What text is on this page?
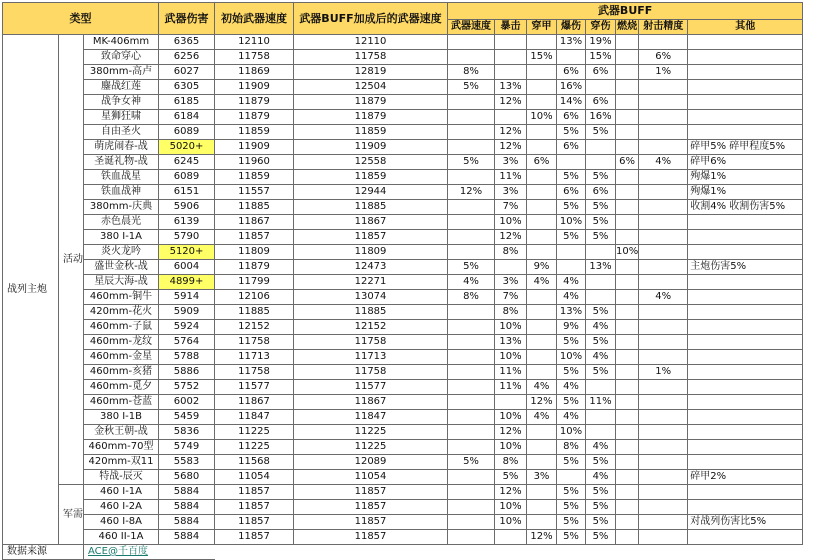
类型			武器伤害	初始武器速度	武器BUFF加成后的武器速度	武器BUFF							
						武器速度	暴击	穿甲	爆伤	穿伤	燃烧	射击精度	其他
战列主炮	活动	MK-406mm	6365	12110	12110				13%	19%			
		致命穿心	6256	11758	11758			15%		15%		6%	
		380mm-高卢	6027	11869	12819	8%			6%	6%		1%	
		鏖战红莲	6305	11909	12504	5%	13%		16%				
		战争女神	6185	11879	11879		12%		14%	6%			
		星狮狂啸	6184	11879	11879			10%	6%	16%			
		自由圣火	6089	11859	11859		12%		5%	5%			
		萌虎闹春-战	5020+	11909	11909		12%		6%				碎甲5% 碎甲程度5%
		圣诞礼物-战	6245	11960	12558	5%	3%	6%			6%	4%	碎甲6%
		铁血战星	6089	11859	11859		11%		5%	5%			殉爆1%
		铁血战神	6151	11557	12944	12%	3%		6%	6%			殉爆1%
		380mm-庆典	5906	11885	11885		7%		5%	5%			收割4% 收割伤害5%
		赤色晨光	6139	11867	11867		10%		10%	5%			
		380 I-1A	5790	11857	11857		12%		5%	5%			
		炎火龙吟	5120+	11809	11809		8%				10%		
		盛世金秋-战	6004	11879	12473	5%		9%		13%			主炮伤害5%
		星辰大海-战	4899+	11799	12271	4%	3%	4%	4%				
		460mm-铜牛	5914	12106	13074	8%	7%		4%			4%	
		420mm-花火	5909	11885	11885		8%		13%	5%			
		460mm-子鼠	5924	12152	12152		10%		9%	4%			
		460mm-龙纹	5764	11758	11758		13%		5%	5%			
		460mm-金星	5788	11713	11713		10%		10%	4%			
		460mm-亥猪	5886	11758	11758		11%		5%	5%		1%	
		460mm-觅夕	5752	11577	11577		11%	4%	4%				
		460mm-苍蓝	6002	11867	11867			12%	5%	11%			
		380 I-1B	5459	11847	11847		10%	4%	4%				
		金秋王朝-战	5836	11225	11225		12%		10%				
		460mm-70型	5749	11225	11225		10%		8%	4%			
		420mm-双11	5583	11568	12089	5%	8%		5%	5%			
		特战-辰灭	5680	11054	11054		5%	3%		4%			碎甲2%
	军需	460 I-1A	5884	11857	11857		12%		5%	5%			
		460 I-2A	5884	11857	11857		10%		5%	5%			
		460 I-8A	5884	11857	11857		10%		5%	5%			对战列伤害比5%
		460 II-1A	5884	11857	11857			12%	5%	5%			
数据来源		ACE@千百度											
